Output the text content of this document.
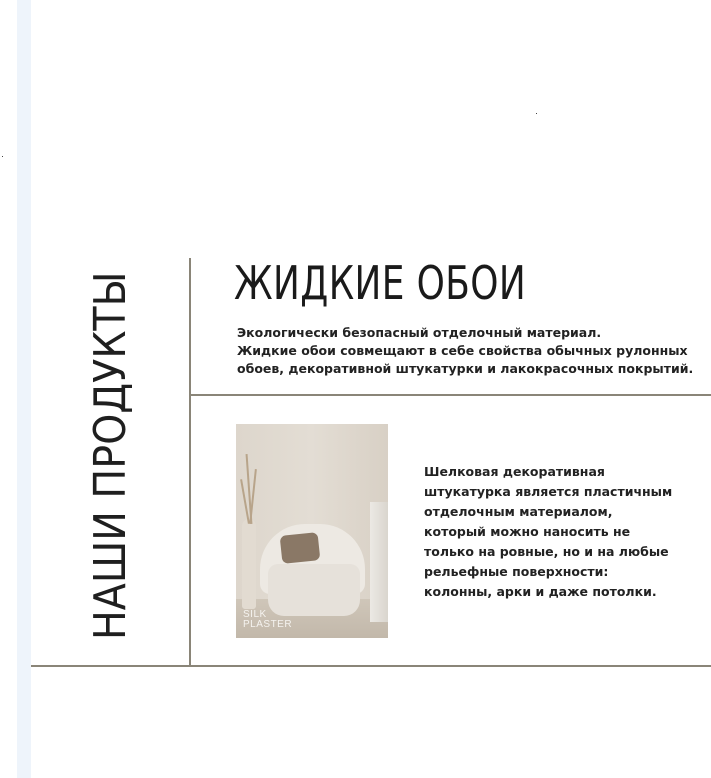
НАШИ ПРОДУКТЫ ЖИДКИЕ ОБОИ
Экологически безопасный отделочный материал.
Жидкие обои совмещают в себе свойства обычных рулонных
обоев, декоративной штукатурки и лакокрасочных покрытий.
SILK
PLASTER
Шелковая декоративная
штукатурка является пластичным
отделочным материалом,
который можно наносить не
только на ровные, но и на любые
рельефные поверхности:
колонны, арки и даже потолки.
